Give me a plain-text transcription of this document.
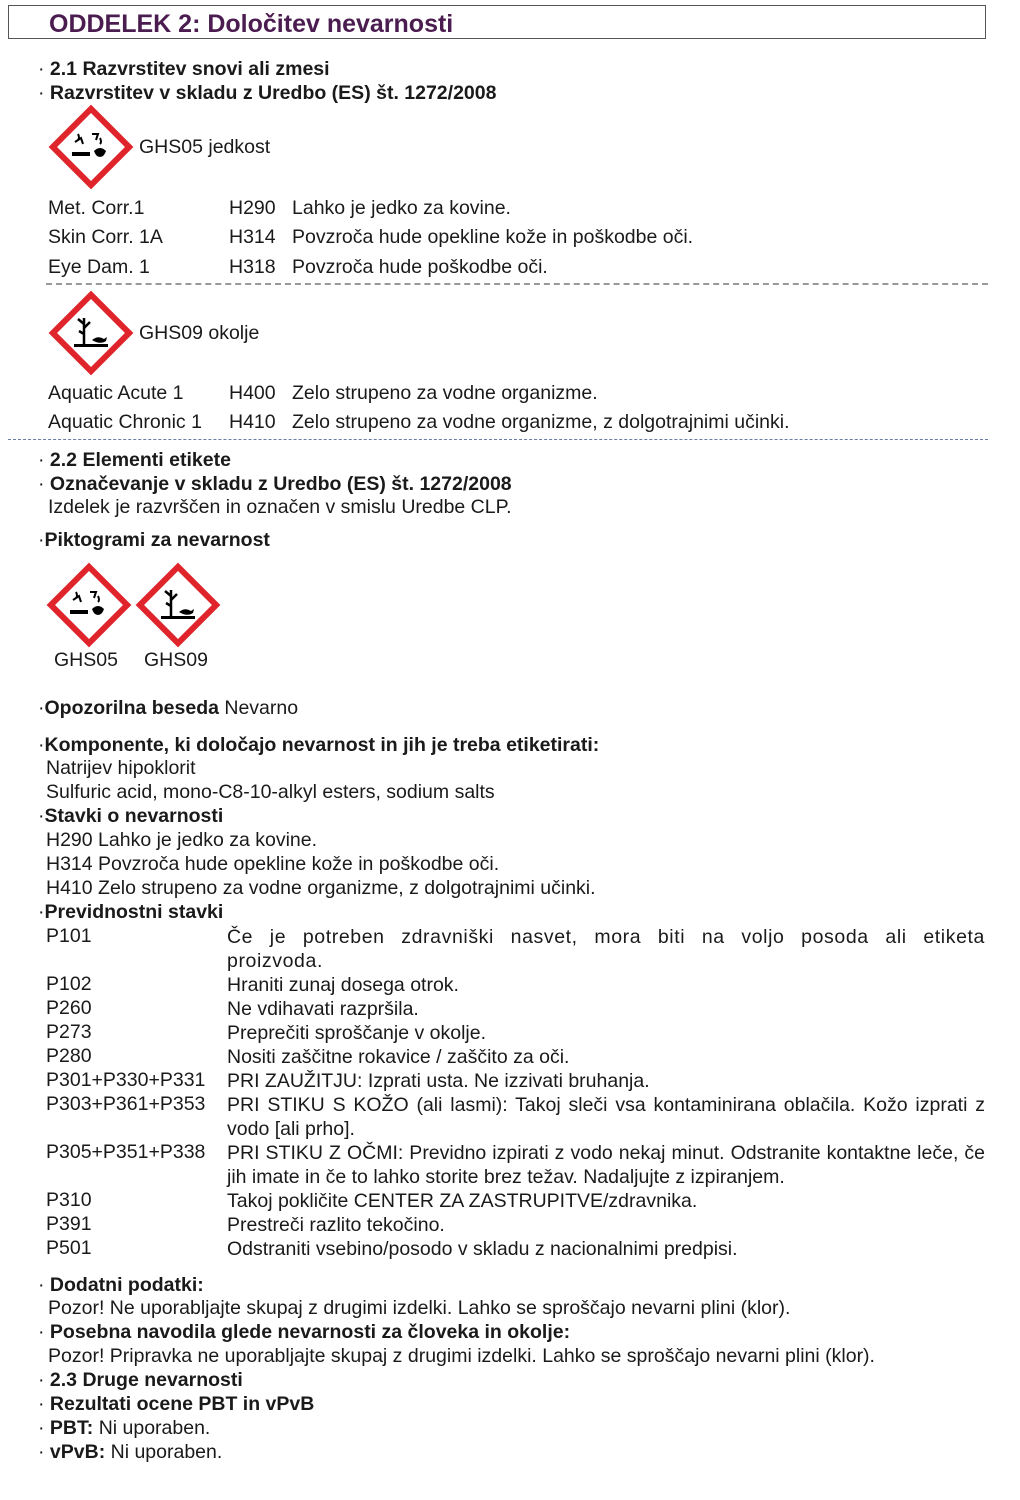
ODDELEK 2: Določitev nevarnosti
· 2.1 Razvrstitev snovi ali zmesi
· Razvrstitev v skladu z Uredbo (ES) št. 1272/2008
GHS05 jedkost
Met. Corr.1	H290 Lahko je jedko za kovine.
Skin Corr. 1A	H314 Povzroča hude opekline kože in poškodbe oči.
Eye Dam. 1	H318 Povzroča hude poškodbe oči.
GHS09 okolje
Aquatic Acute 1 H400 Zelo strupeno za vodne organizme.
Aquatic Chronic 1 H410 Zelo strupeno za vodne organizme, z dolgotrajnimi učinki.
· 2.2 Elementi etikete
· Označevanje v skladu z Uredbo (ES) št. 1272/2008
Izdelek je razvrščen in označen v smislu Uredbe CLP.
·Piktogrami za nevarnost
GHS05 GHS09
·Opozorilna beseda Nevarno
·Komponente, ki določajo nevarnost in jih je treba etiketirati:
Natrijev hipoklorit
Sulfuric acid, mono-C8-10-alkyl esters, sodium salts
·Stavki o nevarnosti
H290 Lahko je jedko za kovine.
H314 Povzroča hude opekline kože in poškodbe oči.
H410 Zelo strupeno za vodne organizme, z dolgotrajnimi učinki.
·Previdnostni stavki
P101	Če je potreben zdravniški nasvet, mora biti na voljo posoda ali etiketa proizvoda.
P102	Hraniti zunaj dosega otrok.
P260	Ne vdihavati razpršila.
P273	Preprečiti sproščanje v okolje.
P280	Nositi zaščitne rokavice / zaščito za oči.
P301+P330+P331 PRI ZAUŽITJU: Izprati usta. Ne izzivati bruhanja.
P303+P361+P353 PRI STIKU S KOŽO (ali lasmi): Takoj sleči vsa kontaminirana oblačila. Kožo izprati z vodo [ali prho].
P305+P351+P338 PRI STIKU Z OČMI: Previdno izpirati z vodo nekaj minut. Odstranite kontaktne leče, če jih imate in če to lahko storite brez težav. Nadaljujte z izpiranjem.
P310	Takoj pokličite CENTER ZA ZASTRUPITVE/zdravnika.
P391	Prestreči razlito tekočino.
P501	Odstraniti vsebino/posodo v skladu z nacionalnimi predpisi.
· Dodatni podatki:
Pozor! Ne uporabljajte skupaj z drugimi izdelki. Lahko se sproščajo nevarni plini (klor).
· Posebna navodila glede nevarnosti za človeka in okolje:
Pozor! Pripravka ne uporabljajte skupaj z drugimi izdelki. Lahko se sproščajo nevarni plini (klor).
· 2.3 Druge nevarnosti
· Rezultati ocene PBT in vPvB
· PBT: Ni uporaben.
· vPvB: Ni uporaben.
